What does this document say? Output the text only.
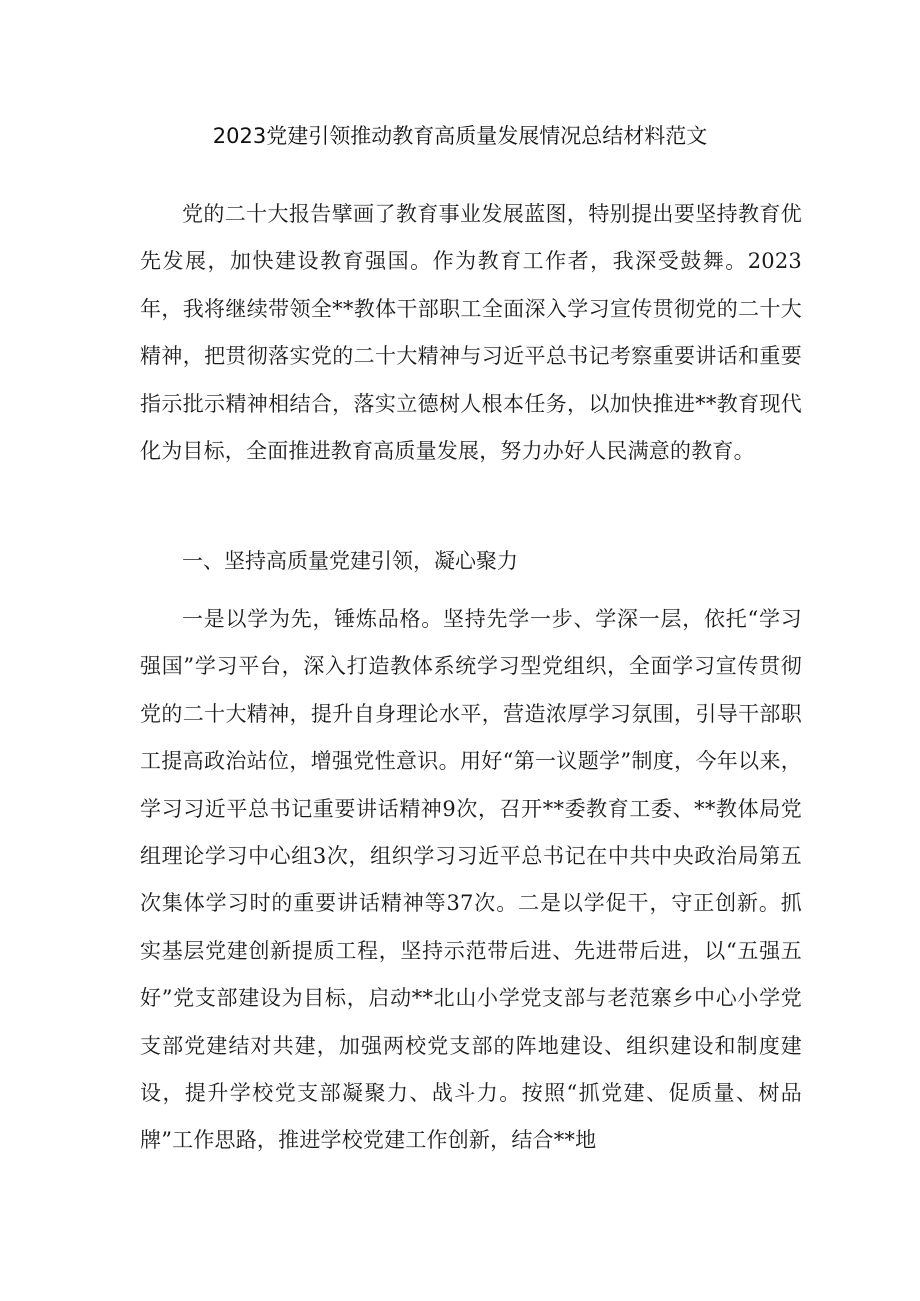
2023党建引领推动教育高质量发展情况总结材料范文

党的二十大报告擘画了教育事业发展蓝图，特别提出要坚持教育优先发展，加快建设教育强国。作为教育工作者，我深受鼓舞。2023年，我将继续带领全**教体干部职工全面深入学习宣传贯彻党的二十大精神，把贯彻落实党的二十大精神与习近平总书记考察重要讲话和重要指示批示精神相结合，落实立德树人根本任务，以加快推进**教育现代化为目标，全面推进教育高质量发展，努力办好人民满意的教育。

一、坚持高质量党建引领，凝心聚力

一是以学为先，锤炼品格。坚持先学一步、学深一层，依托“学习强国”学习平台，深入打造教体系统学习型党组织，全面学习宣传贯彻党的二十大精神，提升自身理论水平，营造浓厚学习氛围，引导干部职工提高政治站位，增强党性意识。用好“第一议题学”制度，今年以来，学习习近平总书记重要讲话精神9次，召开**委教育工委、**教体局党组理论学习中心组3次，组织学习习近平总书记在中共中央政治局第五次集体学习时的重要讲话精神等37次。二是以学促干，守正创新。抓实基层党建创新提质工程，坚持示范带后进、先进带后进，以“五强五好”党支部建设为目标，启动**北山小学党支部与老范寨乡中心小学党支部党建结对共建，加强两校党支部的阵地建设、组织建设和制度建设，提升学校党支部凝聚力、战斗力。按照“抓党建、促质量、树品牌”工作思路，推进学校党建工作创新，结合**地
